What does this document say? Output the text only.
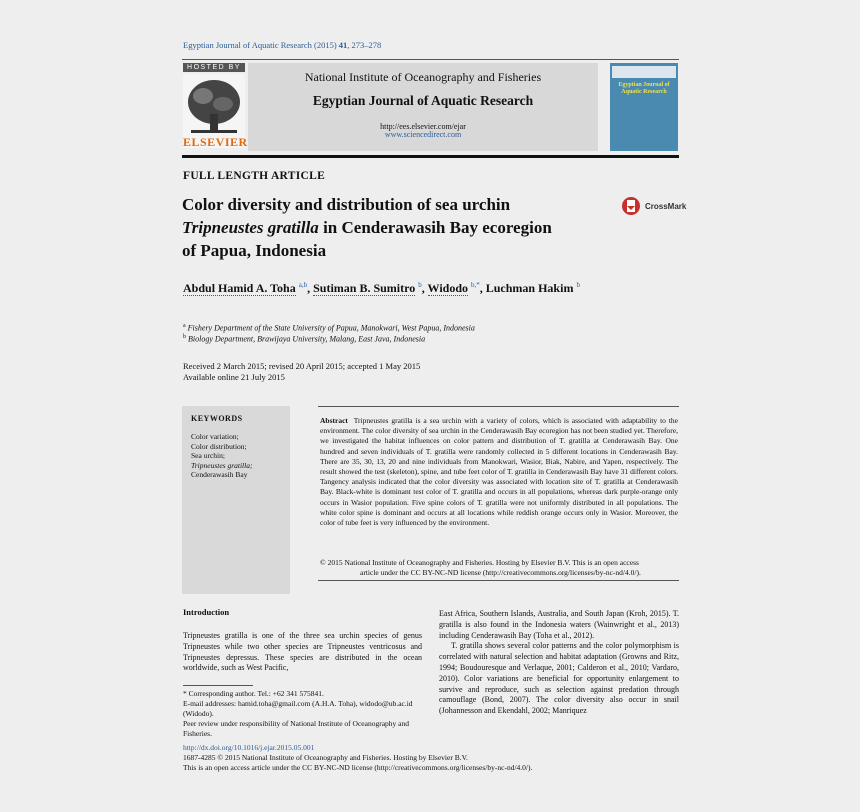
Egyptian Journal of Aquatic Research (2015) 41, 273–278
HOSTED BY
ELSEVIER
National Institute of Oceanography and Fisheries
Egyptian Journal of Aquatic Research
http://ees.elsevier.com/ejar
www.sciencedirect.com
Egyptian Journal of Aquatic Research
FULL LENGTH ARTICLE
Color diversity and distribution of sea urchin
Tripneustes gratilla in Cenderawasih Bay ecoregion
of Papua, Indonesia
CrossMark
Abdul Hamid A. Toha $^{a,b}$, Sutiman B. Sumitro $^b$, Widodo $^{b,*}$, Luchman Hakim $^b$
$^a$ Fishery Department of the State University of Papua, Manokwari, West Papua, Indonesia
$^b$ Biology Department, Brawijaya University, Malang, East Java, Indonesia
Received 2 March 2015; revised 20 April 2015; accepted 1 May 2015
Available online 21 July 2015
KEYWORDS
Color variation;
Color distribution;
Sea urchin;
Tripneustes gratilla;
Cenderawasih Bay
Abstract Tripneustes gratilla is a sea urchin with a variety of colors, which is associated with adaptability to the environment. The color diversity of sea urchin in the Cenderawasih Bay ecoregion has not been studied yet. Therefore, we investigated the habitat influences on color pattern and distribution of T. gratilla at Cenderawasih Bay. One hundred and seven individuals of T. gratilla were randomly collected in 5 different locations in Cenderawasih Bay. There are 35, 30, 13, 20 and nine individuals from Manokwari, Wasior, Biak, Nabire, and Yapen, respectively. The result showed the test (skeleton), spine, and tube feet color of T. gratilla in Cenderawasih Bay have 31 different colors. Tangency analysis indicated that the color diversity was associated with location site of T. gratilla at Cenderawasih Bay. Black-white is dominant test color of T. gratilla and occurs in all populations, whereas dark purple-orange only occurs in Wasior population. Five spine colors of T. gratilla were not uniformly distributed in all populations. The white color spine is dominant and occurs at all locations while reddish orange occurs only in Wasior. Moreover, the color of tube feet is very influenced by the environment.
© 2015 National Institute of Oceanography and Fisheries. Hosting by Elsevier B.V. This is an open access
article under the CC BY-NC-ND license (http://creativecommons.org/licenses/by-nc-nd/4.0/).
Introduction
Tripneustes gratilla is one of the three sea urchin species of genus Tripneustes while two other species are Tripneustes ventricosus and Tripneustes depressus. These species are distributed in the ocean worldwide, such as West Pacific,
East Africa, Southern Islands, Australia, and South Japan (Kroh, 2015). T. gratilla is also found in the Indonesia waters (Wainwright et al., 2013) including Cenderawasih Bay (Toha et al., 2012).
T. gratilla shows several color patterns and the color polymorphism is correlated with natural selection and habitat adaptation (Growns and Ritz, 1994; Boudouresque and Verlaque, 2001; Calderon et al., 2010; Vardaro, 2010). Color variations are beneficial for opportunity enlargement to survive and reproduce, such as selection against predation through camouflage (Bond, 2007). The color diversity also occur in snail (Johannesson and Ekendahl, 2002; Manriquez
* Corresponding author. Tel.: +62 341 575841.
E-mail addresses: hamid.toha@gmail.com (A.H.A. Toha), widodo@ub.ac.id (Widodo).
Peer review under responsibility of National Institute of Oceanography and Fisheries.
http://dx.doi.org/10.1016/j.ejar.2015.05.001
1687-4285 © 2015 National Institute of Oceanography and Fisheries. Hosting by Elsevier B.V.
This is an open access article under the CC BY-NC-ND license (http://creativecommons.org/licenses/by-nc-nd/4.0/).
